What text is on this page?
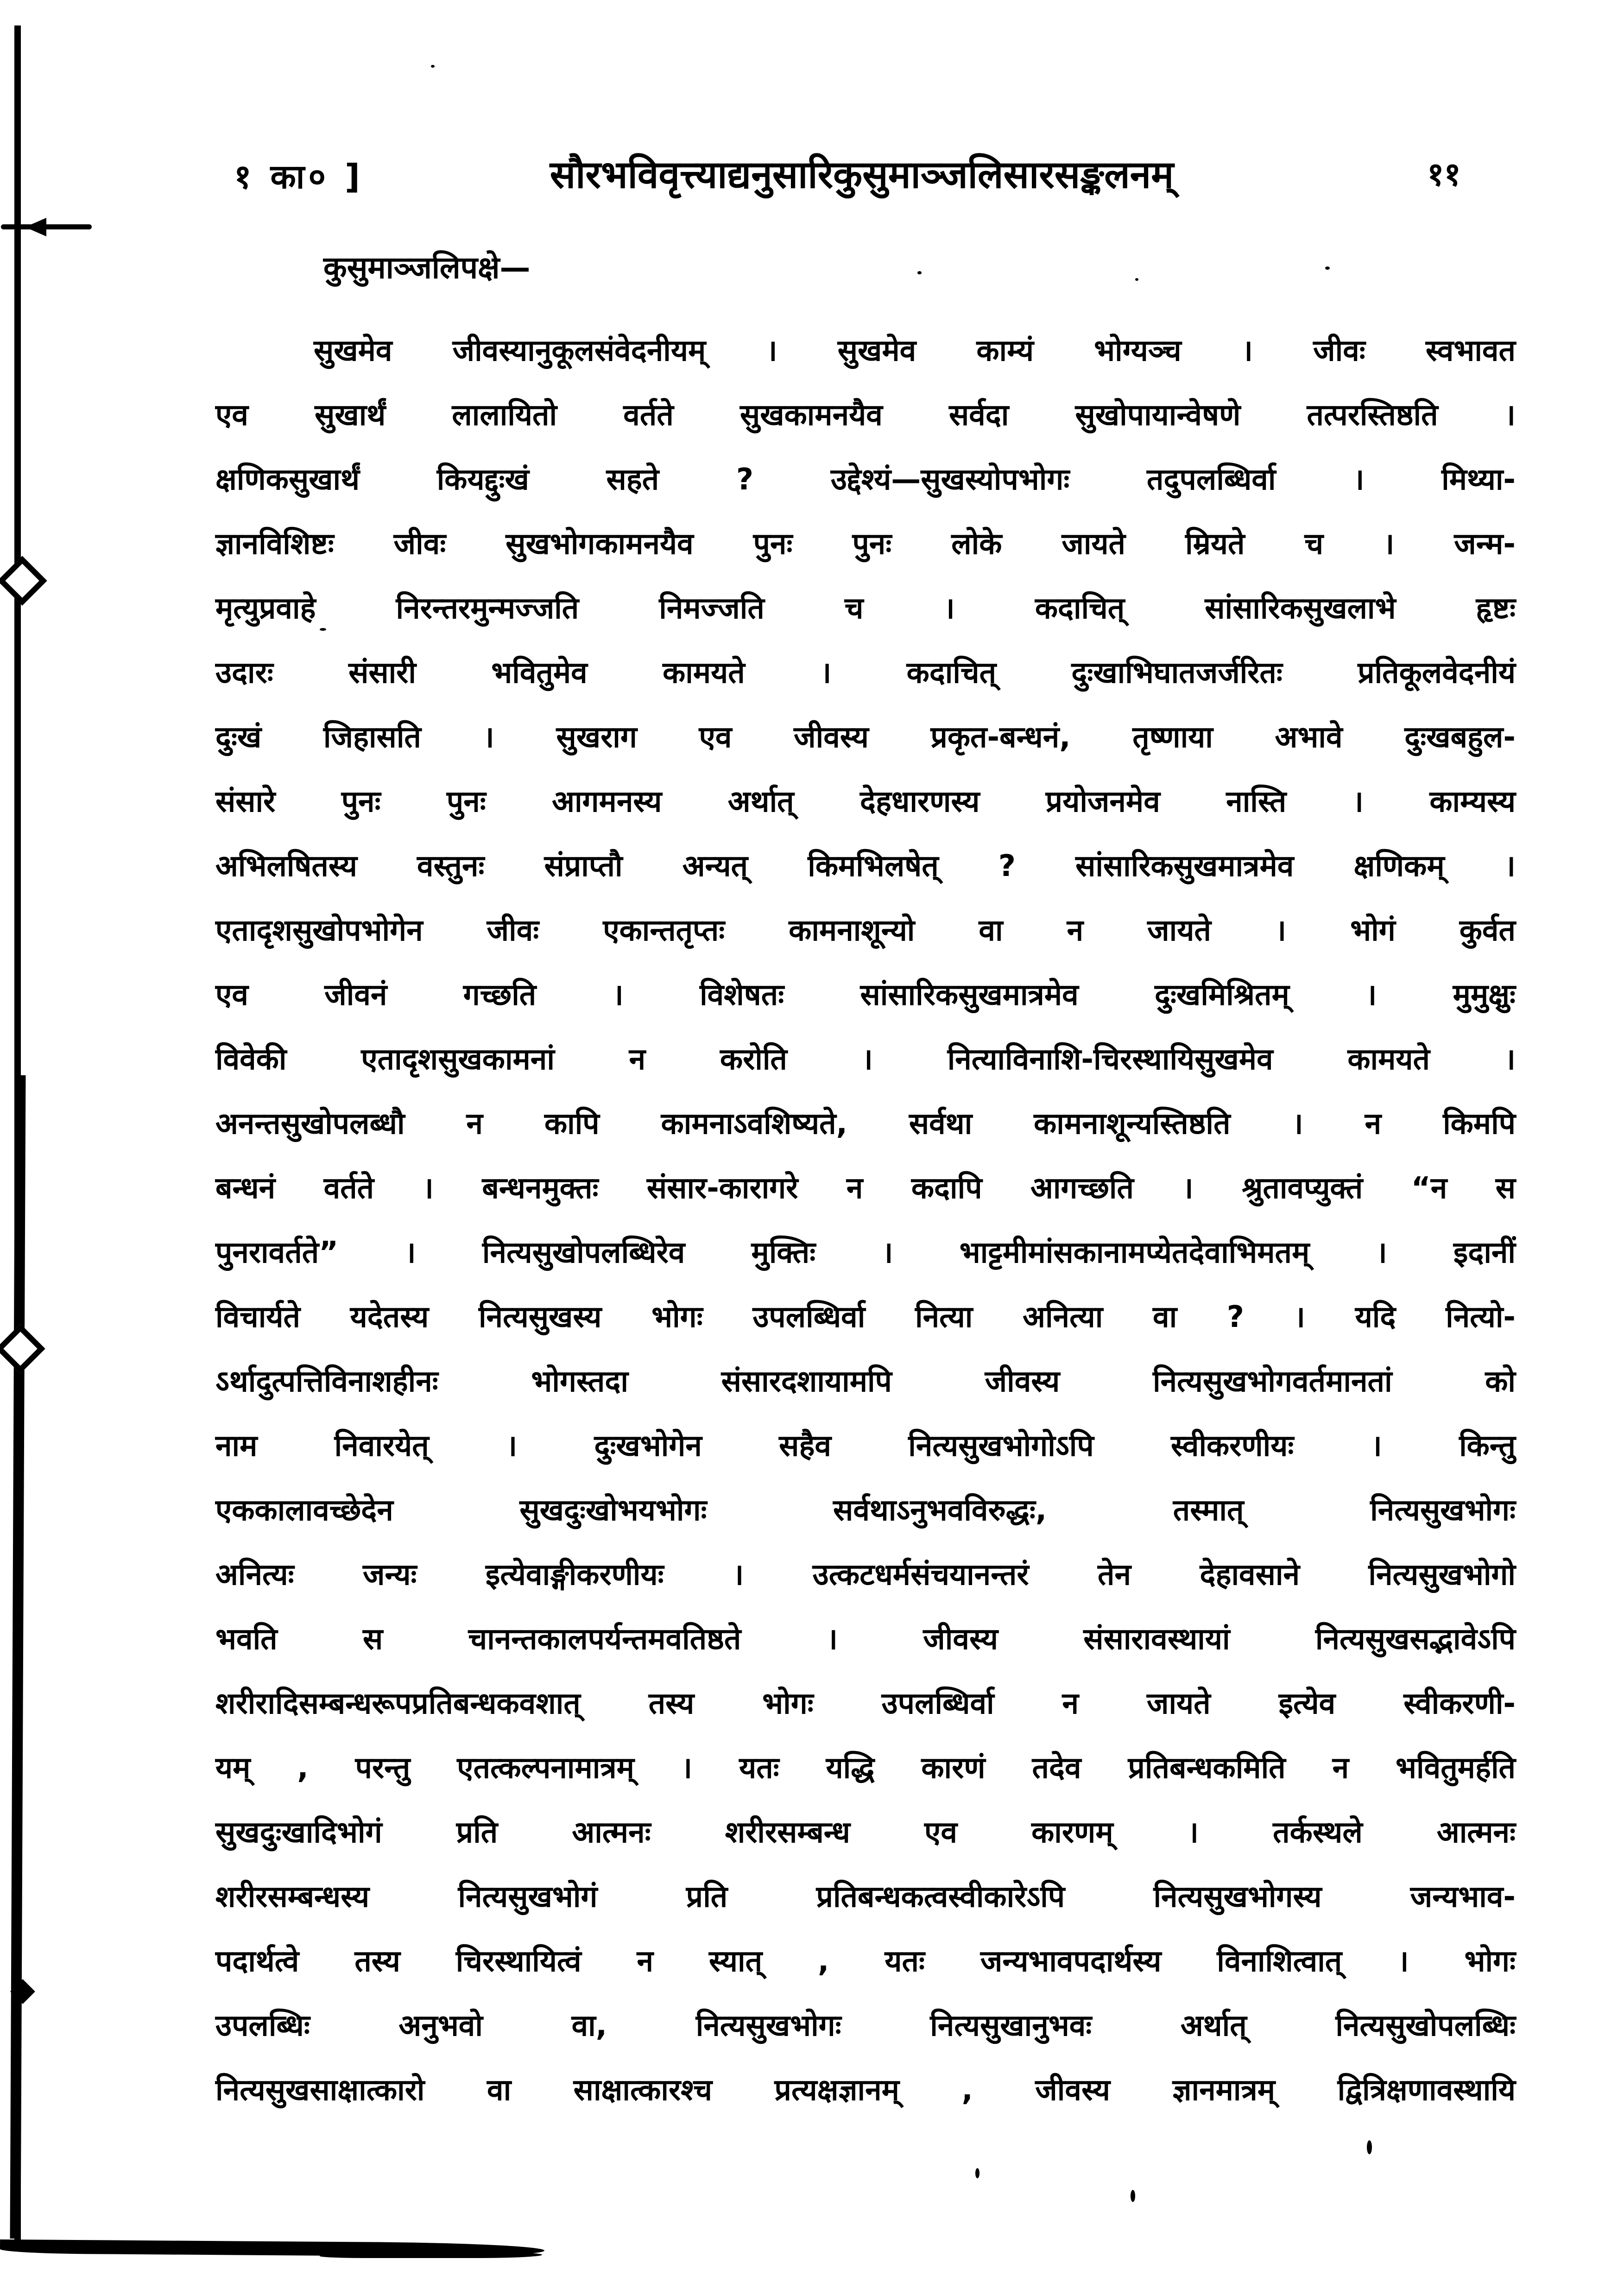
१ का० ]	सौरभविवृत्त्याद्यनुसारिकुसुमाञ्जलिसारसङ्कलनम्	११
कुसुमाञ्जलिपक्षे—
सुखमेव जीवस्यानुकूलसंवेदनीयम् । सुखमेव काम्यं भोग्यञ्च । जीवः स्वभावत
एव सुखार्थं लालायितो वर्तते सुखकामनयैव सर्वदा सुखोपायान्वेषणे तत्परस्तिष्ठति ।
क्षणिकसुखार्थं कियद्दुःखं सहते ? उद्देश्यं—सुखस्योपभोगः तदुपलब्धिर्वा । मिथ्या-
ज्ञानविशिष्टः जीवः सुखभोगकामनयैव पुनः पुनः लोके जायते म्रियते च । जन्म-
मृत्युप्रवाहे निरन्तरमुन्मज्जति निमज्जति च । कदाचित् सांसारिकसुखलाभे हृष्टः
उदारः संसारी भवितुमेव कामयते । कदाचित् दुःखाभिघातजर्जरितः प्रतिकूलवेदनीयं
दुःखं जिहासति । सुखराग एव जीवस्य प्रकृत-बन्धनं, तृष्णाया अभावे दुःखबहुल-
संसारे पुनः पुनः आगमनस्य अर्थात् देहधारणस्य प्रयोजनमेव नास्ति । काम्यस्य
अभिलषितस्य वस्तुनः संप्राप्तौ अन्यत् किमभिलषेत् ? सांसारिकसुखमात्रमेव क्षणिकम् ।
एतादृशसुखोपभोगेन जीवः एकान्ततृप्तः कामनाशून्यो वा न जायते । भोगं कुर्वत
एव जीवनं गच्छति । विशेषतः सांसारिकसुखमात्रमेव दुःखमिश्रितम् । मुमुक्षुः
विवेकी एतादृशसुखकामनां न करोति । नित्याविनाशि-चिरस्थायिसुखमेव कामयते ।
अनन्तसुखोपलब्धौ न कापि कामनाऽवशिष्यते, सर्वथा कामनाशून्यस्तिष्ठति । न किमपि
बन्धनं वर्तते । बन्धनमुक्तः संसार-कारागरे न कदापि आगच्छति । श्रुतावप्युक्तं “न स
पुनरावर्तते” । नित्यसुखोपलब्धिरेव मुक्तिः । भाट्टमीमांसकानामप्येतदेवाभिमतम् । इदानीं
विचार्यते यदेतस्य नित्यसुखस्य भोगः उपलब्धिर्वा नित्या अनित्या वा ? । यदि नित्यो-
ऽर्थादुत्पत्तिविनाशहीनः भोगस्तदा संसारदशायामपि जीवस्य नित्यसुखभोगवर्तमानतां को
नाम निवारयेत् । दुःखभोगेन सहैव नित्यसुखभोगोऽपि स्वीकरणीयः । किन्तु
एककालावच्छेदेन सुखदुःखोभयभोगः सर्वथाऽनुभवविरुद्धः, तस्मात् नित्यसुखभोगः
अनित्यः जन्यः इत्येवाङ्गीकरणीयः । उत्कटधर्मसंचयानन्तरं तेन देहावसाने नित्यसुखभोगो
भवति स चानन्तकालपर्यन्तमवतिष्ठते । जीवस्य संसारावस्थायां नित्यसुखसद्भावेऽपि
शरीरादिसम्बन्धरूपप्रतिबन्धकवशात् तस्य भोगः उपलब्धिर्वा न जायते इत्येव स्वीकरणी-
यम् , परन्तु एतत्कल्पनामात्रम् । यतः यद्धि कारणं तदेव प्रतिबन्धकमिति न भवितुमर्हति
सुखदुःखादिभोगं प्रति आत्मनः शरीरसम्बन्ध एव कारणम् । तर्कस्थले आत्मनः
शरीरसम्बन्धस्य नित्यसुखभोगं प्रति प्रतिबन्धकत्वस्वीकारेऽपि नित्यसुखभोगस्य जन्यभाव-
पदार्थत्वे तस्य चिरस्थायित्वं न स्यात् , यतः जन्यभावपदार्थस्य विनाशित्वात् । भोगः
उपलब्धिः अनुभवो वा, नित्यसुखभोगः नित्यसुखानुभवः अर्थात् नित्यसुखोपलब्धिः
नित्यसुखसाक्षात्कारो वा साक्षात्कारश्च प्रत्यक्षज्ञानम् , जीवस्य ज्ञानमात्रम् द्वित्रिक्षणावस्थायि
